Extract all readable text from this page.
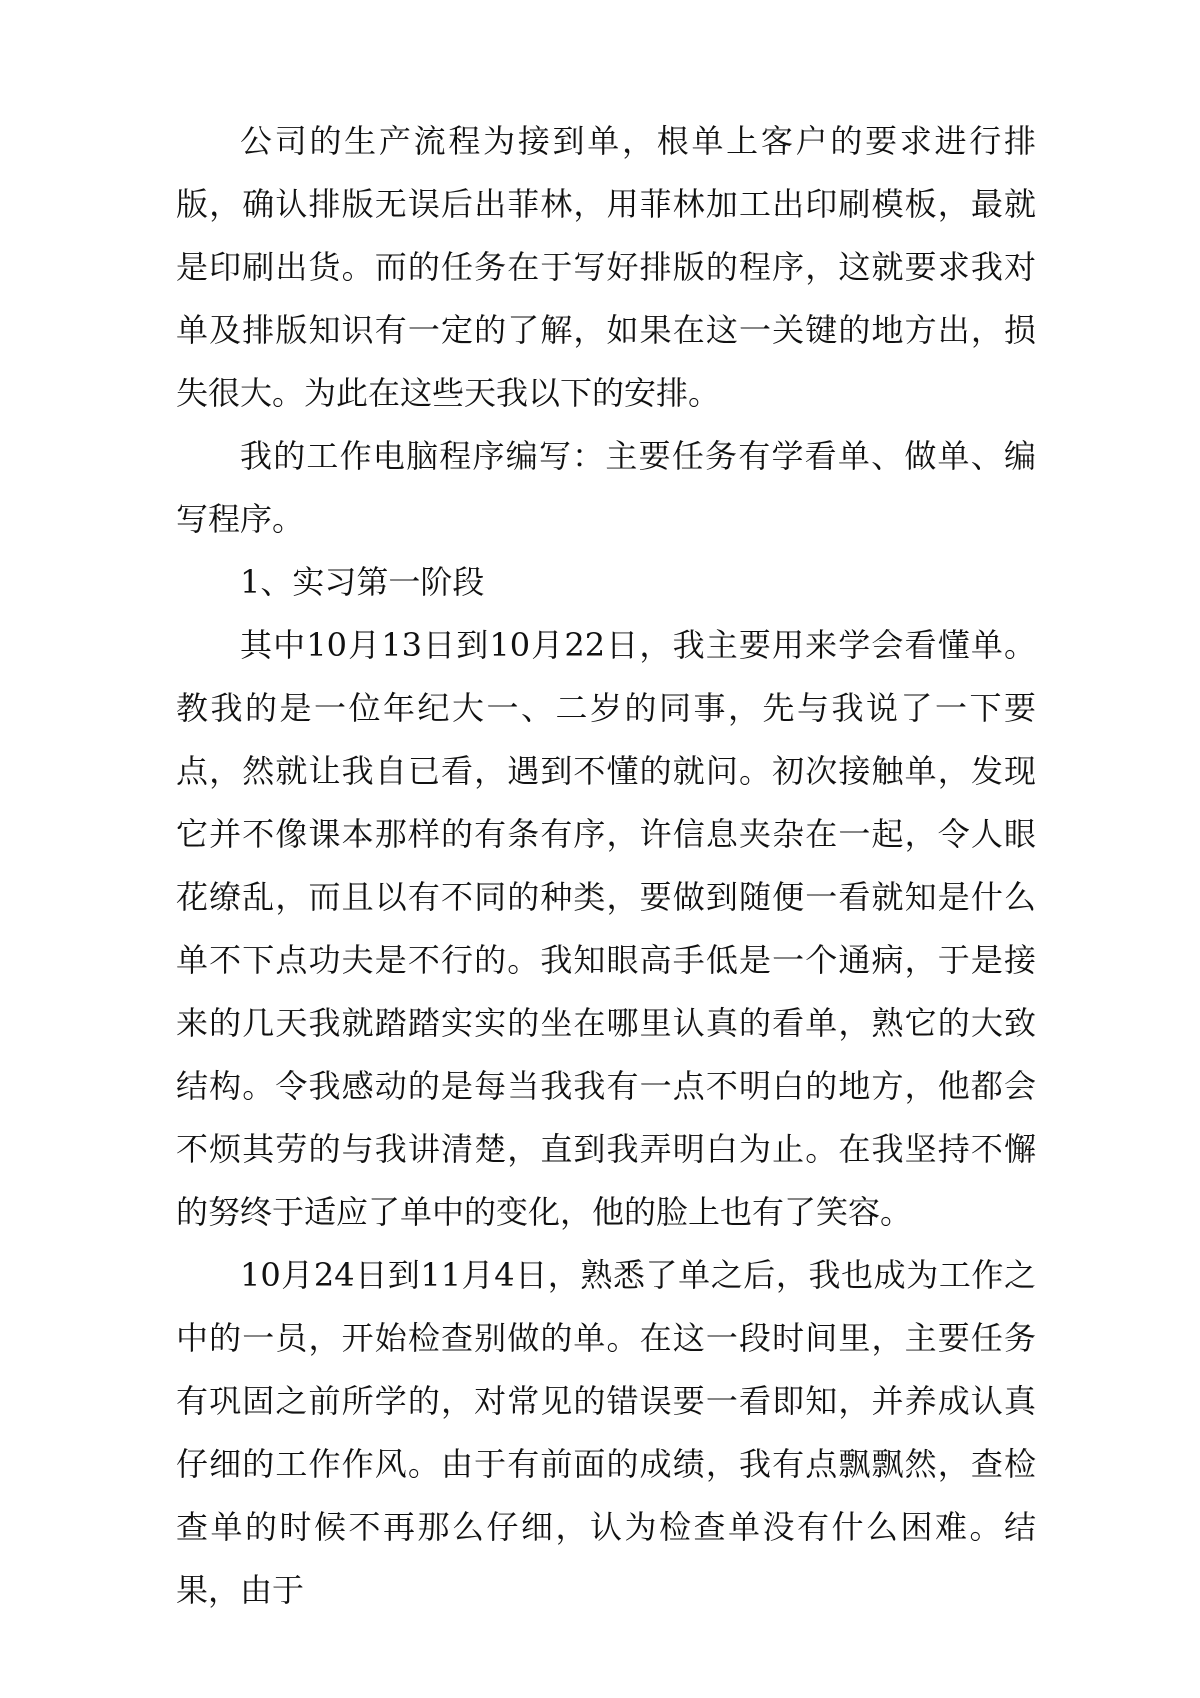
公司的生产流程为接到单，根单上客户的要求进行排版，确认排版无误后出菲林，用菲林加工出印刷模板，最就是印刷出货。而的任务在于写好排版的程序，这就要求我对单及排版知识有一定的了解，如果在这一关键的地方出，损失很大。为此在这些天我以下的安排。

我的工作电脑程序编写：主要任务有学看单、做单、编写程序。

1、实习第一阶段

其中10月13日到10月22日，我主要用来学会看懂单。教我的是一位年纪大一、二岁的同事，先与我说了一下要点，然就让我自已看，遇到不懂的就问。初次接触单，发现它并不像课本那样的有条有序，许信息夹杂在一起，令人眼花缭乱，而且以有不同的种类，要做到随便一看就知是什么单不下点功夫是不行的。我知眼高手低是一个通病，于是接来的几天我就踏踏实实的坐在哪里认真的看单，熟它的大致结构。令我感动的是每当我我有一点不明白的地方，他都会不烦其劳的与我讲清楚，直到我弄明白为止。在我坚持不懈的努终于适应了单中的变化，他的脸上也有了笑容。

10月24日到11月4日，熟悉了单之后，我也成为工作之中的一员，开始检查别做的单。在这一段时间里，主要任务有巩固之前所学的，对常见的错误要一看即知，并养成认真仔细的工作作风。由于有前面的成绩，我有点飘飘然，查检查单的时候不再那么仔细，认为检查单没有什么困难。结果，由于
